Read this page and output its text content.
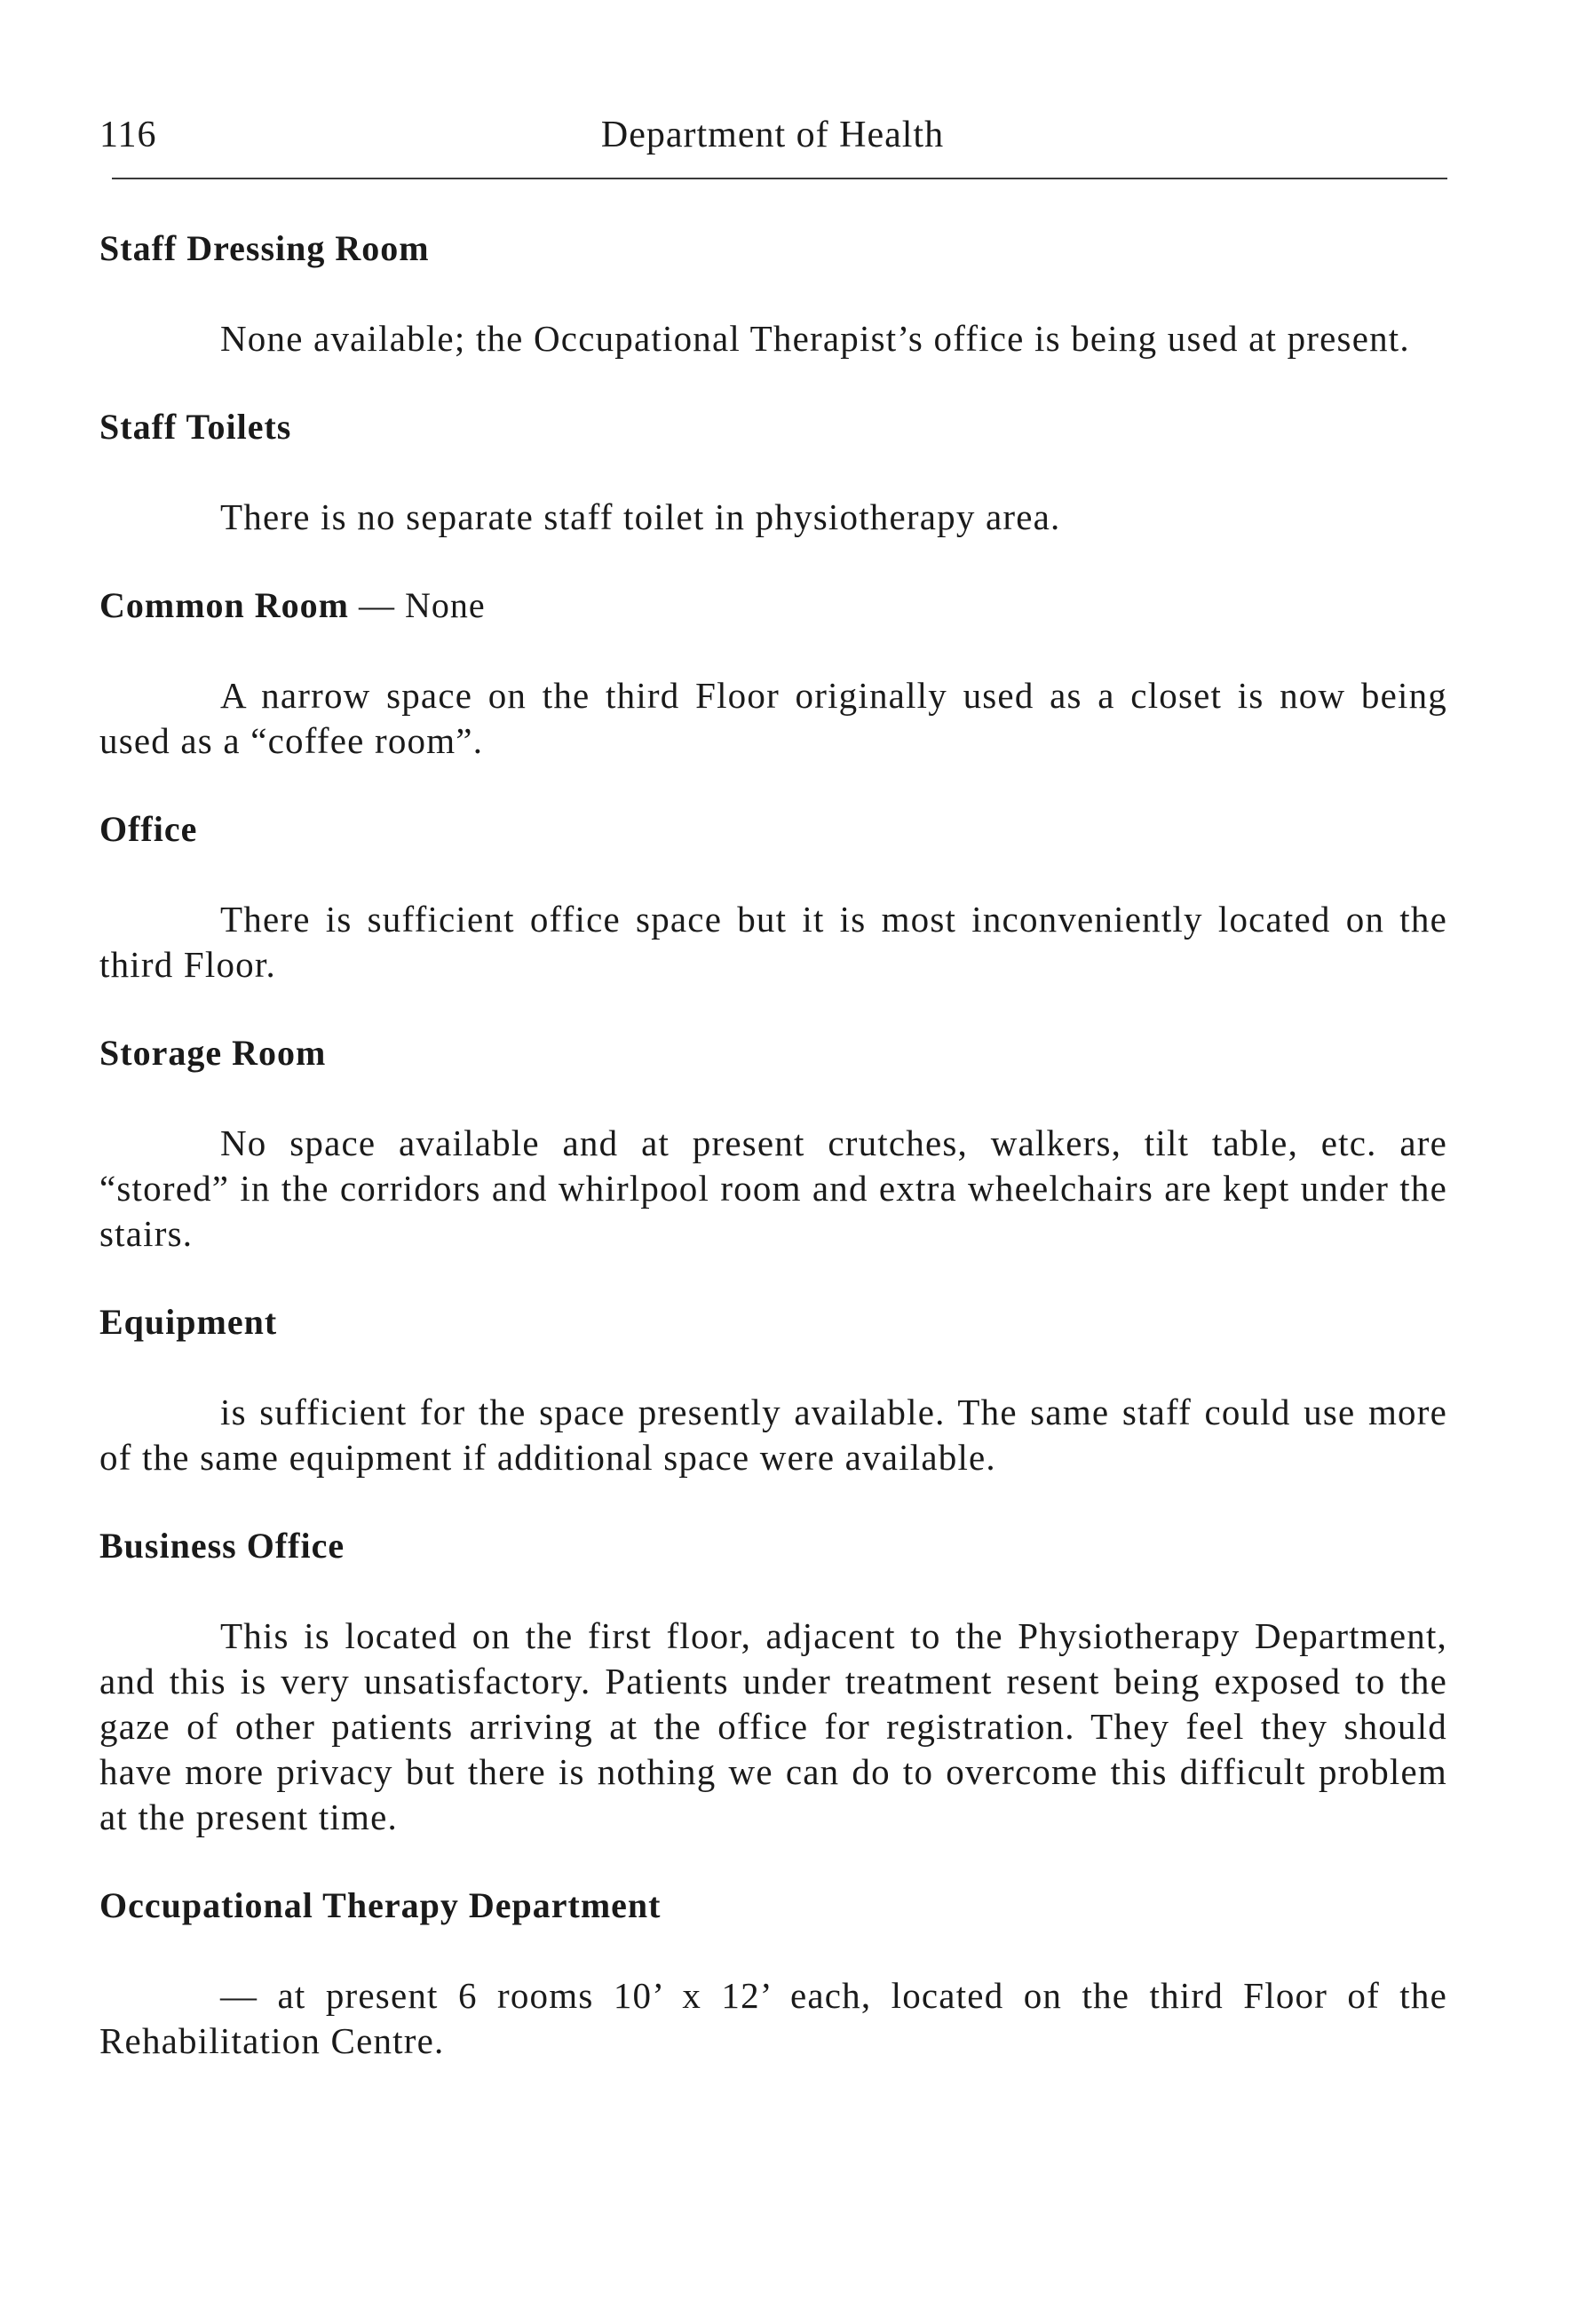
116	Department of Health
Staff Dressing Room

None available; the Occupational Therapist’s office is being used at present.

Staff Toilets

There is no separate staff toilet in physiotherapy area.

Common Room — None

A narrow space on the third Floor originally used as a closet is now being used as a “coffee room”.

Office

There is sufficient office space but it is most inconveniently located on the third Floor.

Storage Room

No space available and at present crutches, walkers, tilt table, etc. are “stored” in the corridors and whirlpool room and extra wheelchairs are kept under the stairs.

Equipment

is sufficient for the space presently available. The same staff could use more of the same equipment if additional space were available.

Business Office

This is located on the first floor, adjacent to the Physiotherapy Department, and this is very unsatisfactory. Patients under treatment resent being exposed to the gaze of other patients arriving at the office for registration. They feel they should have more privacy but there is nothing we can do to overcome this difficult problem at the present time.

Occupational Therapy Department

— at present 6 rooms 10’ x 12’ each, located on the third Floor of the Rehabilitation Centre.
